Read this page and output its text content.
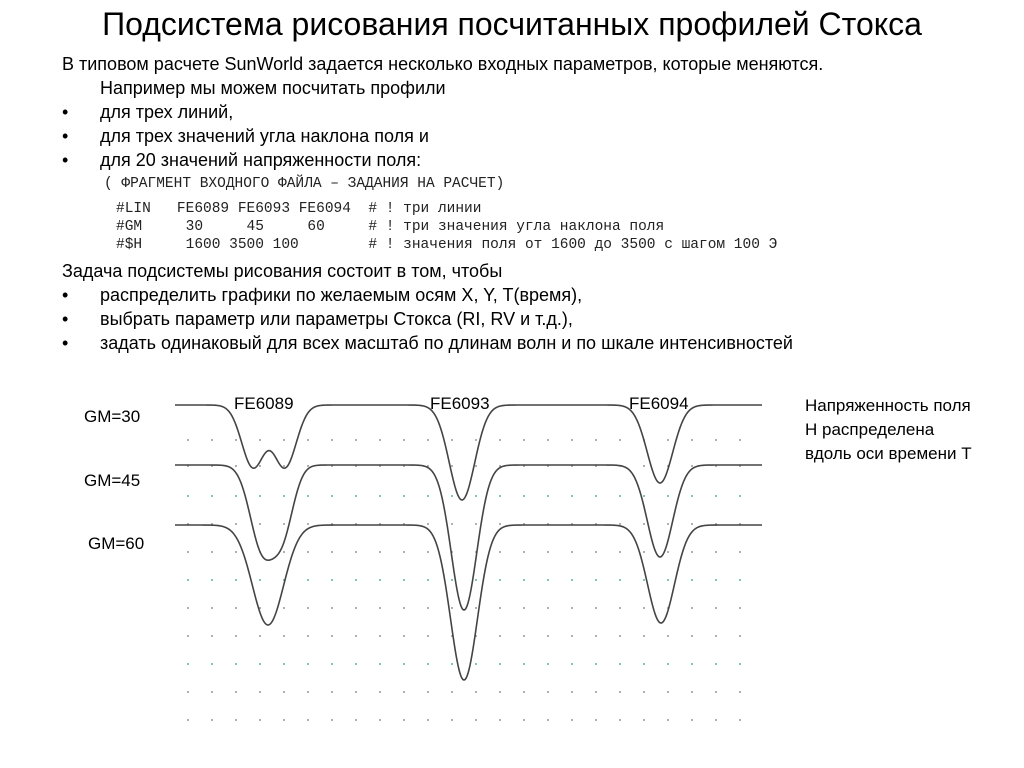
Подсистема рисования посчитанных профилей Стокса
В типовом расчете SunWorld задается несколько входных параметров, которые меняются.
Например мы можем посчитать профили
• для трех линий,
• для трех значений угла наклона поля и
• для 20 значений напряженности поля:
( ФРАГМЕНТ ВХОДНОГО ФАЙЛА – ЗАДАНИЯ НА РАСЧЕТ)
#LIN   FE6089 FE6093 FE6094  # ! три линии
#GM     30     45     60     # ! три значения угла наклона поля
#$H     1600 3500 100        # ! значения поля от 1600 до 3500 с шагом 100 Э
Задача подсистемы рисования состоит в том, чтобы
• распределить графики по желаемым осям X, Y, T(время),
• выбрать параметр или параметры Стокса (RI, RV и т.д.),
• задать одинаковый для всех масштаб по длинам волн и по шкале интенсивностей
FE6089	FE6093	FE6094
GM=30
GM=45
GM=60
Напряженность поля
H распределена
вдоль оси времени T
